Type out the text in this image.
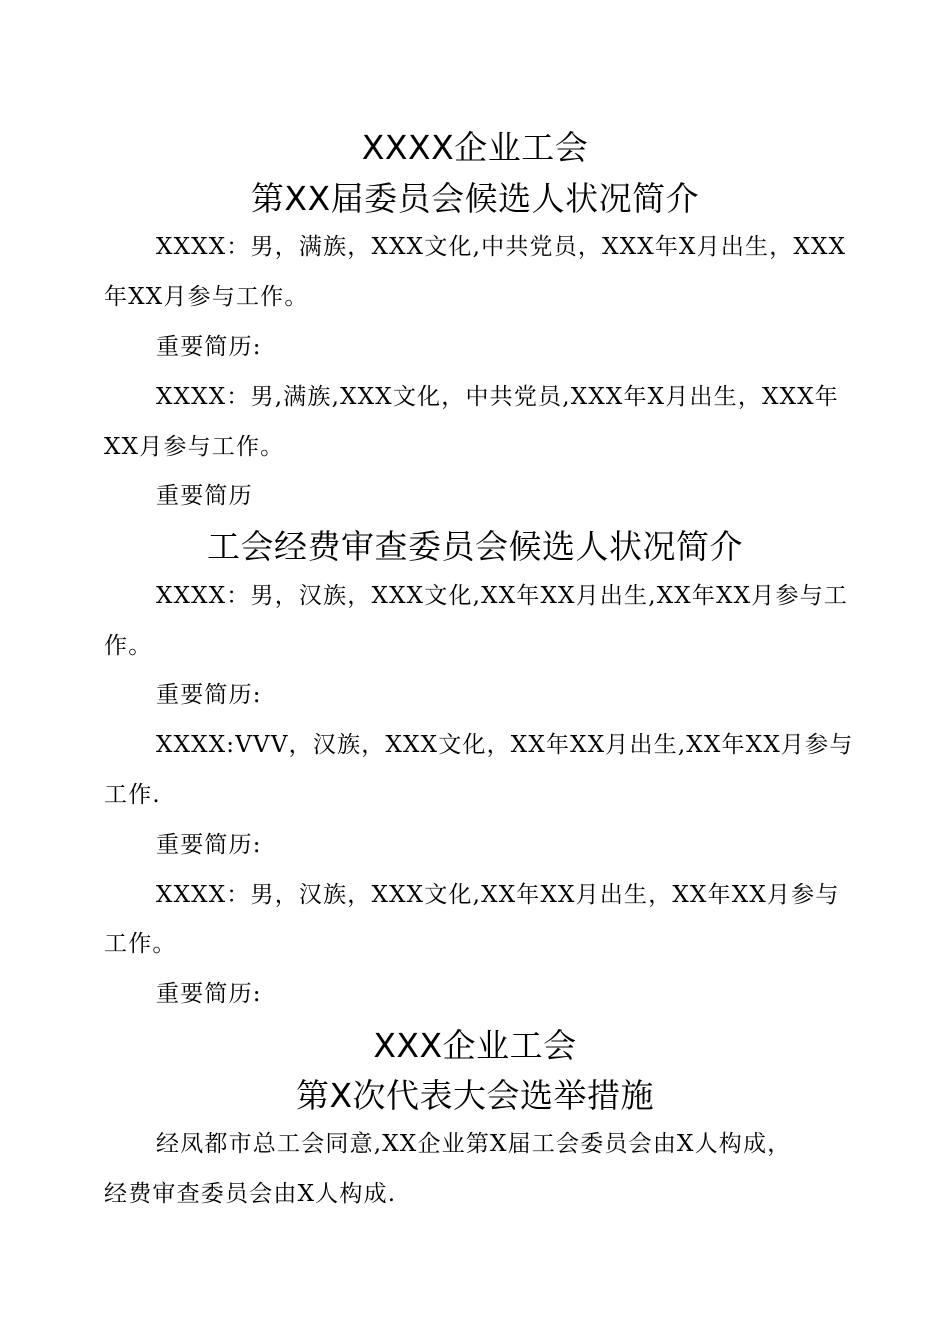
XXXX企业工会
第XX届委员会候选人状况简介
XXXX：男，满族，XXX文化,中共党员，XXX年X月出生，XXX
年XX月参与工作。
重要简历:
XXXX：男,满族,XXX文化，中共党员,XXX年X月出生，XXX年
XX月参与工作。
重要简历
工会经费审查委员会候选人状况简介
XXXX：男，汉族，XXX文化,XX年XX月出生,XX年XX月参与工
作。
重要简历:
XXXX:VVV，汉族，XXX文化，XX年XX月出生,XX年XX月参与
工作.
重要简历:
XXXX：男，汉族，XXX文化,XX年XX月出生，XX年XX月参与
工作。
重要简历:
XXX企业工会
第X次代表大会选举措施
经凤都市总工会同意,XX企业第X届工会委员会由X人构成，
经费审查委员会由X人构成.
